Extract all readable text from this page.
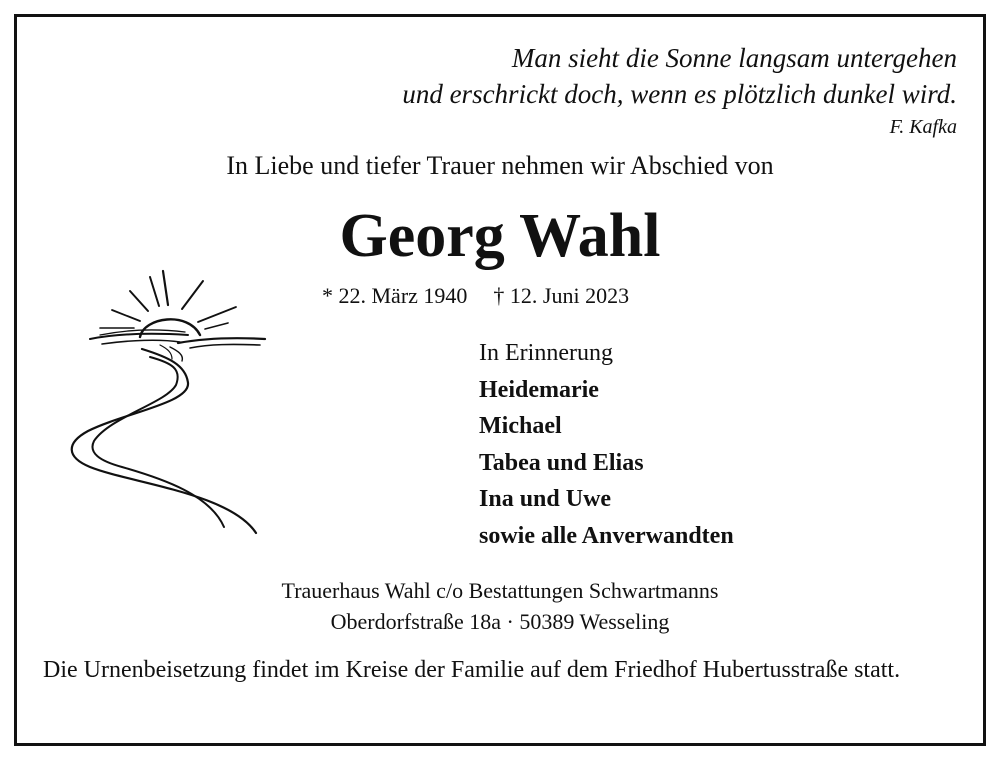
Man sieht die Sonne langsam untergehen
und erschrickt doch, wenn es plötzlich dunkel wird.
F. Kafka
In Liebe und tiefer Trauer nehmen wir Abschied von
Georg Wahl
* 22. März 1940 † 12. Juni 2023
In Erinnerung
Heidemarie
Michael
Tabea und Elias
Ina und Uwe
sowie alle Anverwandten
Trauerhaus Wahl c/o Bestattungen Schwartmanns
Oberdorfstraße 18a · 50389 Wesseling
Die Urnenbeisetzung findet im Kreise der Familie auf dem Friedhof Hubertusstraße statt.
